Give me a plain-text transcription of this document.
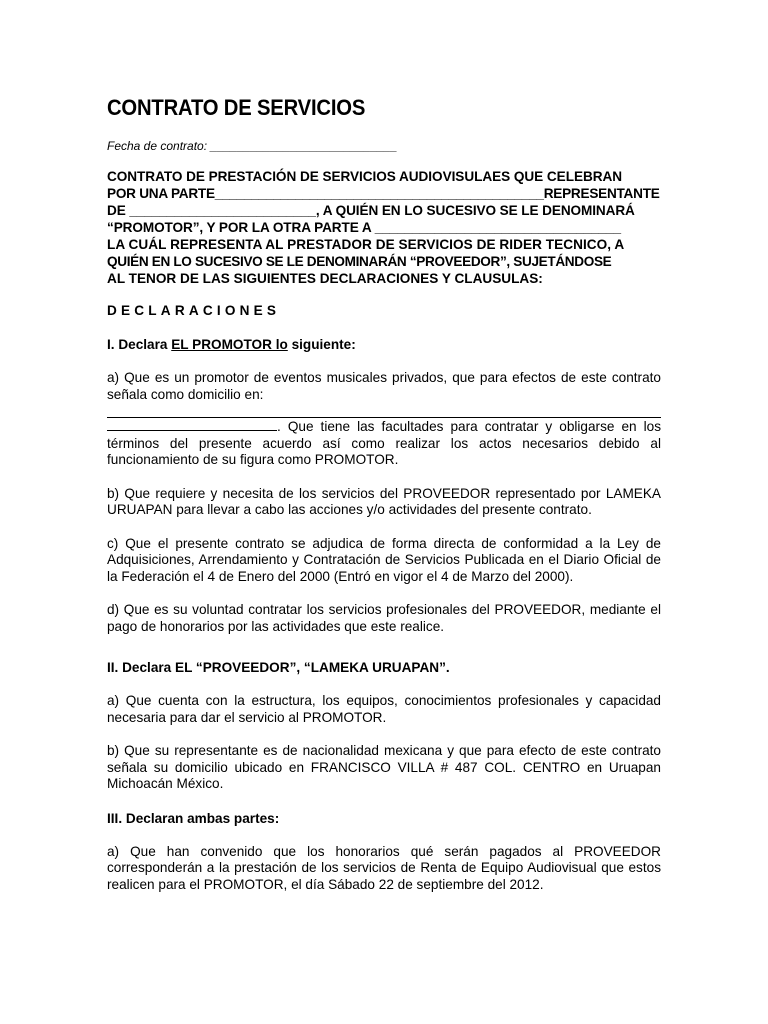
CONTRATO DE SERVICIOS
Fecha de contrato: ____________________________
CONTRATO DE PRESTACIÓN DE SERVICIOS AUDIOVISULAES QUE CELEBRAN
POR UNA PARTE_____________________________________________REPRESENTANTE
DE _________________________, A QUIÉN EN LO SUCESIVO SE LE DENOMINARÁ
“PROMOTOR”, Y POR LA OTRA PARTE A _________________________________
LA CUÁL REPRESENTA AL PRESTADOR DE SERVICIOS DE RIDER TECNICO, A
QUIÉN EN LO SUCESIVO SE LE DENOMINARÁN “PROVEEDOR”, SUJETÁNDOSE
AL TENOR DE LAS SIGUIENTES DECLARACIONES Y CLAUSULAS:
DECLARACIONES
I. Declara EL PROMOTOR lo siguiente:
a) Que es un promotor de eventos musicales privados, que para efectos de este contrato señala como domicilio en:
. Que tiene las facultades para contratar y obligarse en los términos del presente acuerdo así como realizar los actos necesarios debido al funcionamiento de su figura como PROMOTOR.
b) Que requiere y necesita de los servicios del PROVEEDOR representado por LAMEKA URUAPAN para llevar a cabo las acciones y/o actividades del presente contrato.
c) Que el presente contrato se adjudica de forma directa de conformidad a la Ley de Adquisiciones, Arrendamiento y Contratación de Servicios Publicada en el Diario Oficial de la Federación el 4 de Enero del 2000 (Entró en vigor el 4 de Marzo del 2000).
d) Que es su voluntad contratar los servicios profesionales del PROVEEDOR, mediante el pago de honorarios por las actividades que este realice.
II. Declara EL “PROVEEDOR”, “LAMEKA URUAPAN”.
a) Que cuenta con la estructura, los equipos, conocimientos profesionales y capacidad necesaria para dar el servicio al PROMOTOR.
b) Que su representante es de nacionalidad mexicana y que para efecto de este contrato señala su domicilio ubicado en FRANCISCO VILLA # 487 COL. CENTRO en Uruapan Michoacán México.
III. Declaran ambas partes:
a) Que han convenido que los honorarios qué serán pagados al PROVEEDOR corresponderán a la prestación de los servicios de Renta de Equipo Audiovisual que estos realicen para el PROMOTOR, el día Sábado 22 de septiembre del 2012.
